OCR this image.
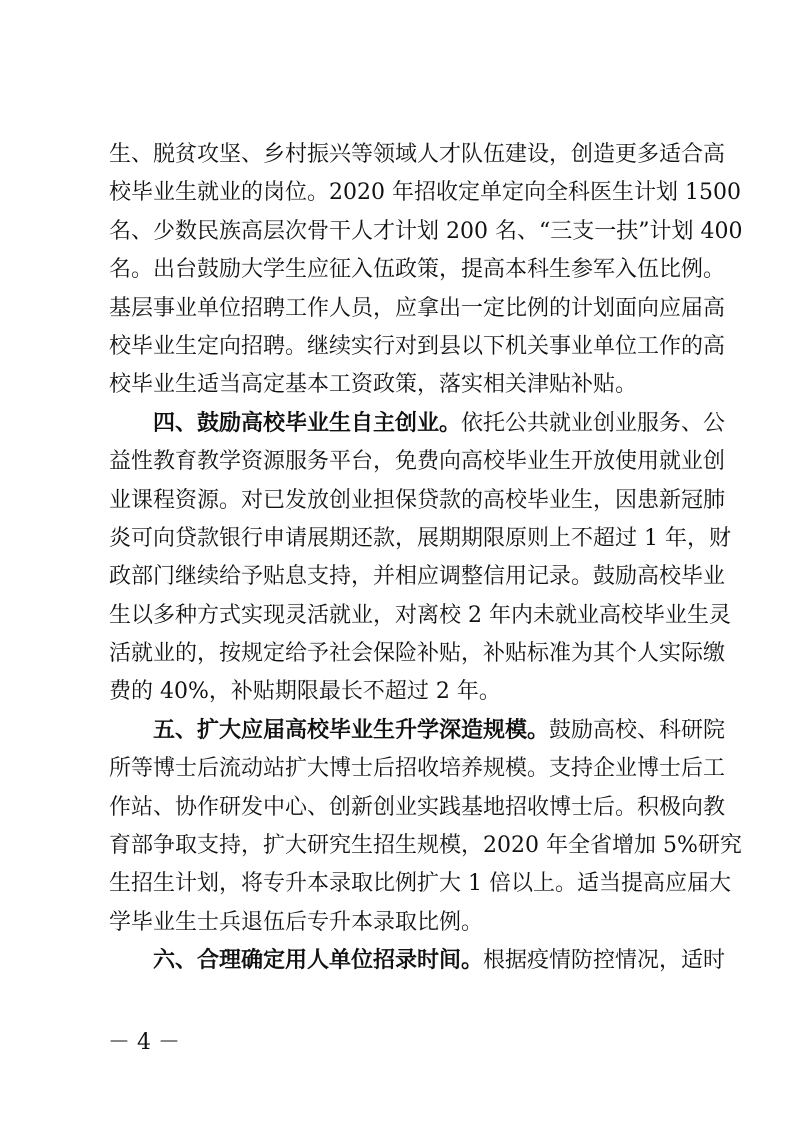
生、脱贫攻坚、乡村振兴等领域人才队伍建设，创造更多适合高
校毕业生就业的岗位。2020 年招收定单定向全科医生计划 1500
名、少数民族高层次骨干人才计划 200 名、“三支一扶”计划 400
名。出台鼓励大学生应征入伍政策，提高本科生参军入伍比例。
基层事业单位招聘工作人员，应拿出一定比例的计划面向应届高
校毕业生定向招聘。继续实行对到县以下机关事业单位工作的高
校毕业生适当高定基本工资政策，落实相关津贴补贴。
四、鼓励高校毕业生自主创业。依托公共就业创业服务、公
益性教育教学资源服务平台，免费向高校毕业生开放使用就业创
业课程资源。对已发放创业担保贷款的高校毕业生，因患新冠肺
炎可向贷款银行申请展期还款，展期期限原则上不超过 1 年，财
政部门继续给予贴息支持，并相应调整信用记录。鼓励高校毕业
生以多种方式实现灵活就业，对离校 2 年内未就业高校毕业生灵
活就业的，按规定给予社会保险补贴，补贴标准为其个人实际缴
费的 40%，补贴期限最长不超过 2 年。
五、扩大应届高校毕业生升学深造规模。鼓励高校、科研院
所等博士后流动站扩大博士后招收培养规模。支持企业博士后工
作站、协作研发中心、创新创业实践基地招收博士后。积极向教
育部争取支持，扩大研究生招生规模，2020 年全省增加 5%研究
生招生计划，将专升本录取比例扩大 1 倍以上。适当提高应届大
学毕业生士兵退伍后专升本录取比例。
六、合理确定用人单位招录时间。根据疫情防控情况，适时
－ 4 －
